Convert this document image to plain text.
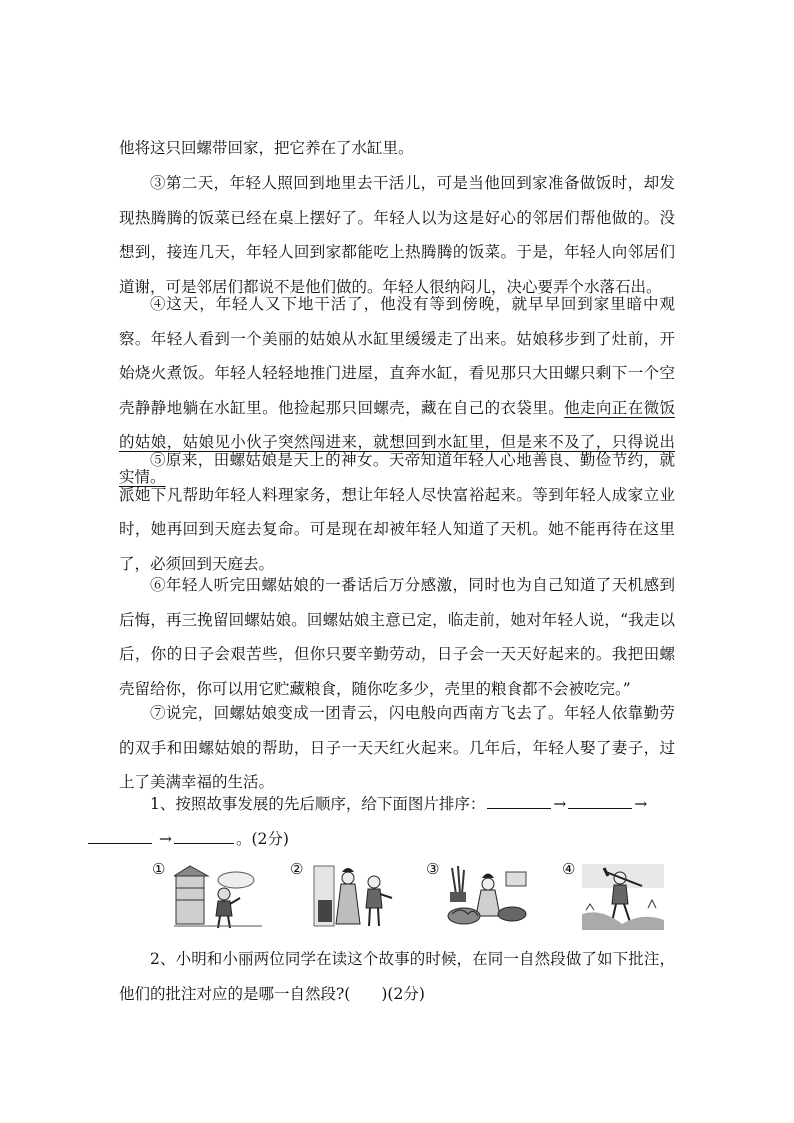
他将这只回螺带回家，把它养在了水缸里。

③第二天，年轻人照回到地里去干活儿，可是当他回到家准备做饭时，却发现热腾腾的饭菜已经在桌上摆好了。年轻人以为这是好心的邻居们帮他做的。没想到，接连几天，年轻人回到家都能吃上热腾腾的饭菜。于是，年轻人向邻居们道谢，可是邻居们都说不是他们做的。年轻人很纳闷儿，决心要弄个水落石出。

④这天，年轻人又下地干活了，他没有等到傍晚，就早早回到家里暗中观察。年轻人看到一个美丽的姑娘从水缸里缓缓走了出来。姑娘移步到了灶前，开始烧火煮饭。年轻人轻轻地推门进屋，直奔水缸，看见那只大田螺只剩下一个空壳静静地躺在水缸里。他捡起那只回螺壳，藏在自己的衣袋里。他走向正在微饭的姑娘，姑娘见小伙子突然闯进来，就想回到水缸里，但是来不及了，只得说出实情。

⑤原来，田螺姑娘是天上的神女。天帝知道年轻人心地善良、勤俭节约，就派她下凡帮助年轻人料理家务，想让年轻人尽快富裕起来。等到年轻人成家立业时，她再回到天庭去复命。可是现在却被年轻人知道了天机。她不能再待在这里了，必须回到天庭去。

⑥年轻人听完田螺姑娘的一番话后万分感激，同时也为自己知道了天机感到后悔，再三挽留回螺姑娘。回螺姑娘主意已定，临走前，她对年轻人说，“我走以后，你的日子会艰苦些，但你只要辛勤劳动，日子会一天天好起来的。我把田螺壳留给你，你可以用它贮藏粮食，随你吃多少，壳里的粮食都不会被吃完。”

⑦说完，回螺姑娘变成一团青云，闪电般向西南方飞去了。年轻人依靠勤劳的双手和田螺姑娘的帮助，日子一天天红火起来。几年后，年轻人娶了妻子，过上了美满幸福的生活。

1、按照故事发展的先后顺序，给下面图片排序：	→	→
→	。(2分)

①	②	③	④

2、小明和小丽两位同学在读这个故事的时候，在同一自然段做了如下批注，他们的批注对应的是哪一自然段?(　　)(2分)
